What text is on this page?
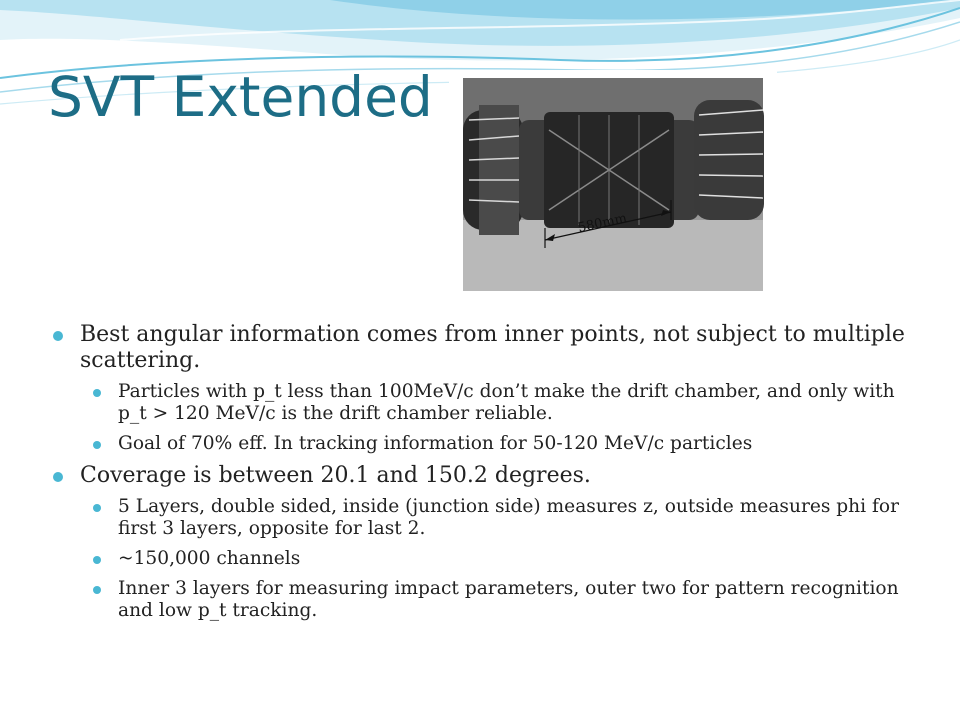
SVT Extended
580mm
Best angular information comes from inner points, not subject to multiple scattering.
Particles with p_t less than 100MeV/c don’t make the drift chamber, and only with p_t > 120 MeV/c is the drift chamber reliable.
Goal of 70% eff. In tracking information for 50-120 MeV/c particles
Coverage is between 20.1 and 150.2 degrees.
5 Layers, double sided, inside (junction side) measures z, outside measures phi for first 3 layers, opposite for last 2.
~150,000 channels
Inner 3 layers for measuring impact parameters, outer two for pattern recognition and low p_t tracking.
